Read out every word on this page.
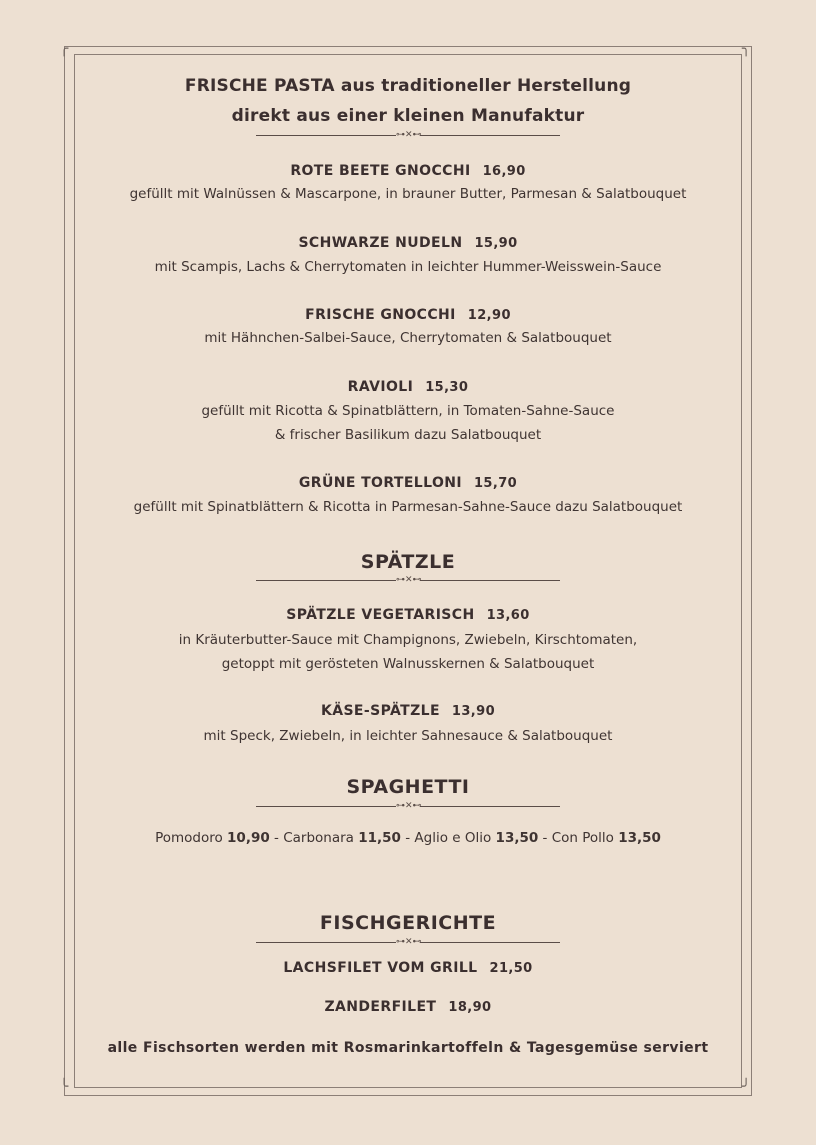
╭	╮
╰	╯
FRISCHE PASTA aus traditioneller Herstellung
direkt aus einer kleinen Manufaktur
⊶✕⊷
ROTE BEETE GNOCCHI 16,90
gefüllt mit Walnüssen & Mascarpone, in brauner Butter, Parmesan & Salatbouquet
SCHWARZE NUDELN 15,90
mit Scampis, Lachs & Cherrytomaten in leichter Hummer-Weisswein-Sauce
FRISCHE GNOCCHI 12,90
mit Hähnchen-Salbei-Sauce, Cherrytomaten & Salatbouquet
RAVIOLI 15,30
gefüllt mit Ricotta & Spinatblättern, in Tomaten-Sahne-Sauce
& frischer Basilikum dazu Salatbouquet
GRÜNE TORTELLONI 15,70
gefüllt mit Spinatblättern & Ricotta in Parmesan-Sahne-Sauce dazu Salatbouquet
SPÄTZLE
⊶✕⊷
SPÄTZLE VEGETARISCH 13,60
in Kräuterbutter-Sauce mit Champignons, Zwiebeln, Kirschtomaten,
getoppt mit gerösteten Walnusskernen & Salatbouquet
KÄSE-SPÄTZLE 13,90
mit Speck, Zwiebeln, in leichter Sahnesauce & Salatbouquet
SPAGHETTI
⊶✕⊷
Pomodoro 10,90 - Carbonara 11,50 - Aglio e Olio 13,50 - Con Pollo 13,50
FISCHGERICHTE
⊶✕⊷
LACHSFILET VOM GRILL 21,50
ZANDERFILET 18,90
alle Fischsorten werden mit Rosmarinkartoffeln & Tagesgemüse serviert
